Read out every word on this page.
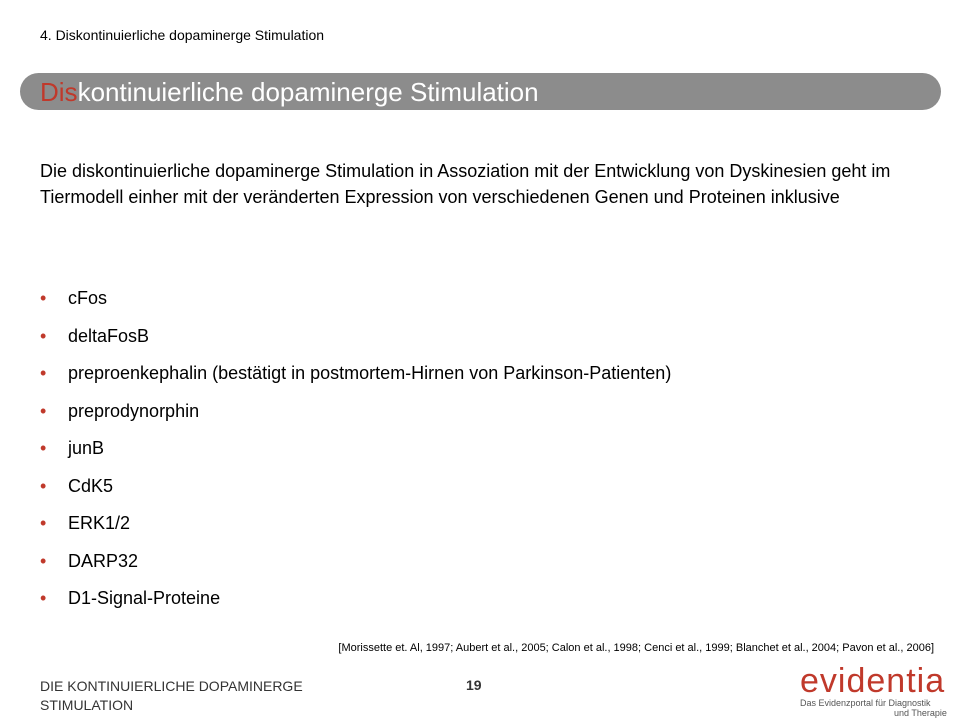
4. Diskontinuierliche dopaminerge Stimulation
Diskontinuierliche dopaminerge Stimulation
Die diskontinuierliche dopaminerge Stimulation in Assoziation mit der Entwicklung von Dyskinesien geht im Tiermodell einher mit der veränderten Expression von verschiedenen Genen und Proteinen inklusive
• cFos
• deltaFosB
• preproenkephalin (bestätigt in postmortem-Hirnen von Parkinson-Patienten)
• preprodynorphin
• junB
• CdK5
• ERK1/2
• DARP32
• D1-Signal-Proteine
[Morissette et. Al, 1997; Aubert et al., 2005; Calon et al., 1998; Cenci et al., 1999; Blanchet et al., 2004; Pavon et al., 2006]
DIE KONTINUIERLICHE DOPAMINERGE STIMULATION
19	evidentia
Das Evidenzportal für Diagnostik
und Therapie
